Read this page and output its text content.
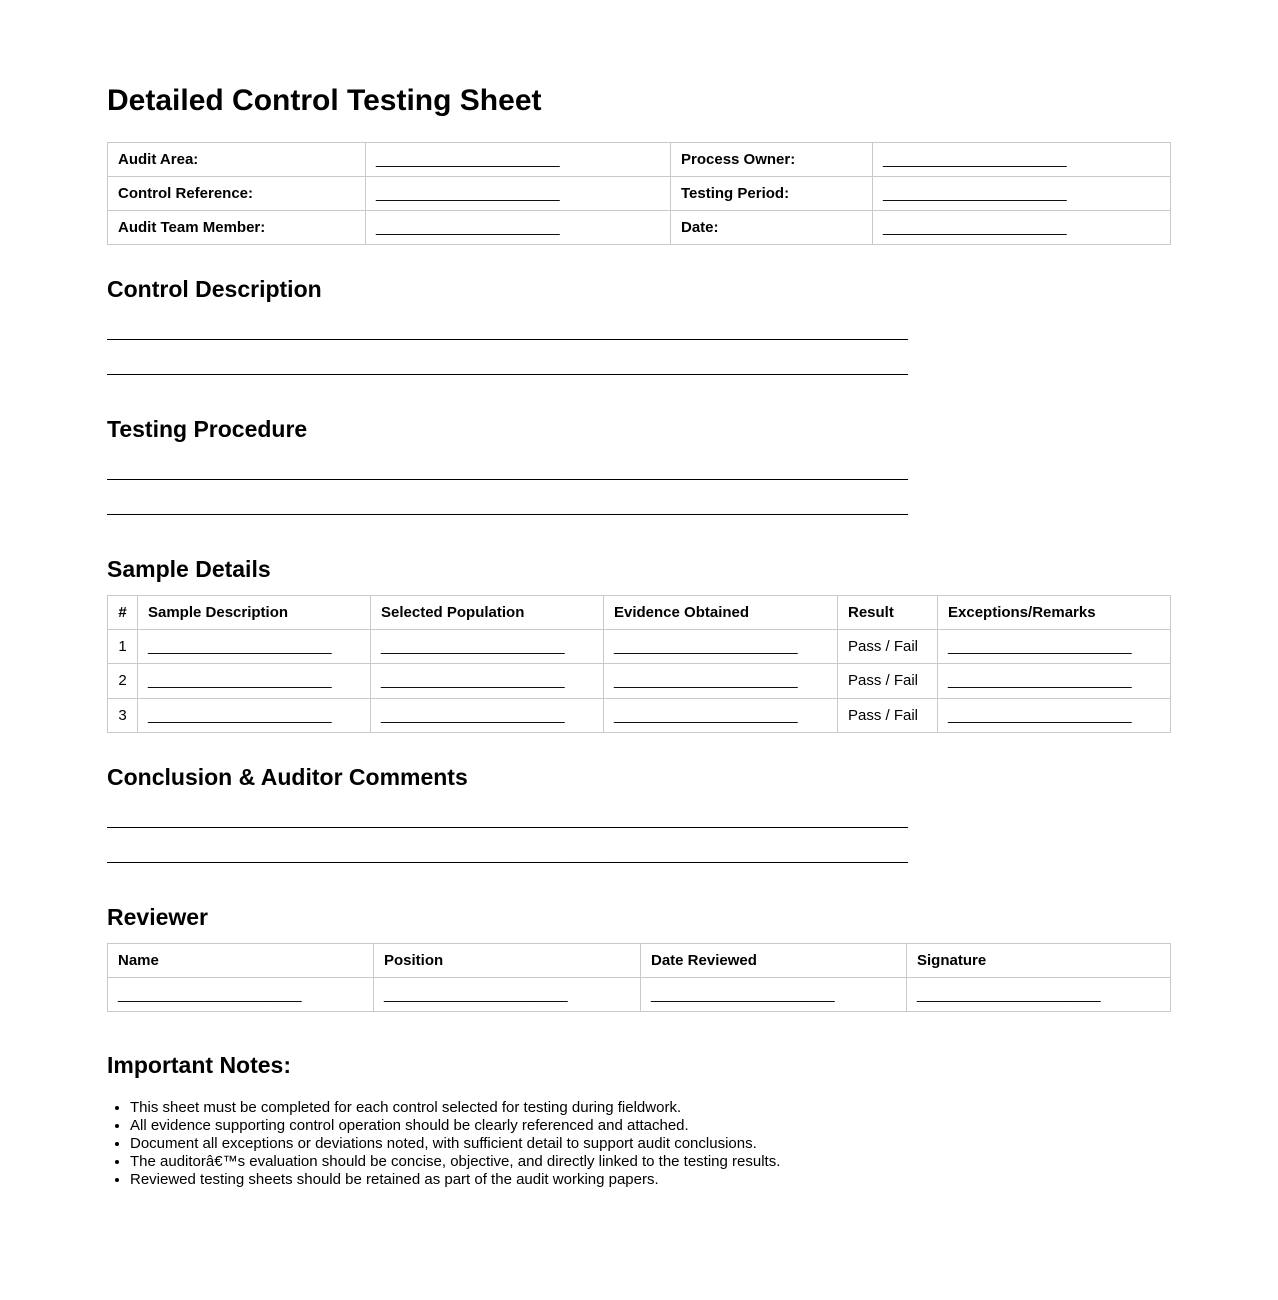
Detailed Control Testing Sheet
Audit Area:	______________________	Process Owner:	______________________
Control Reference:	______________________	Testing Period:	______________________
Audit Team Member:	______________________	Date:	______________________
Control Description
__________________________________________________________________________________________
__________________________________________________________________________________________
Testing Procedure
__________________________________________________________________________________________
__________________________________________________________________________________________
Sample Details
#	Sample Description	Selected Population	Evidence Obtained	Result	Exceptions/Remarks
1	______________________	______________________	______________________	Pass / Fail	______________________
2	______________________	______________________	______________________	Pass / Fail	______________________
3	______________________	______________________	______________________	Pass / Fail	______________________
Conclusion & Auditor Comments
__________________________________________________________________________________________
__________________________________________________________________________________________
Reviewer
Name	Position	Date Reviewed	Signature
______________________	______________________	______________________	______________________
Important Notes:
• This sheet must be completed for each control selected for testing during fieldwork.
• All evidence supporting control operation should be clearly referenced and attached.
• Document all exceptions or deviations noted, with sufficient detail to support audit conclusions.
• The auditorâ€™s evaluation should be concise, objective, and directly linked to the testing results.
• Reviewed testing sheets should be retained as part of the audit working papers.
